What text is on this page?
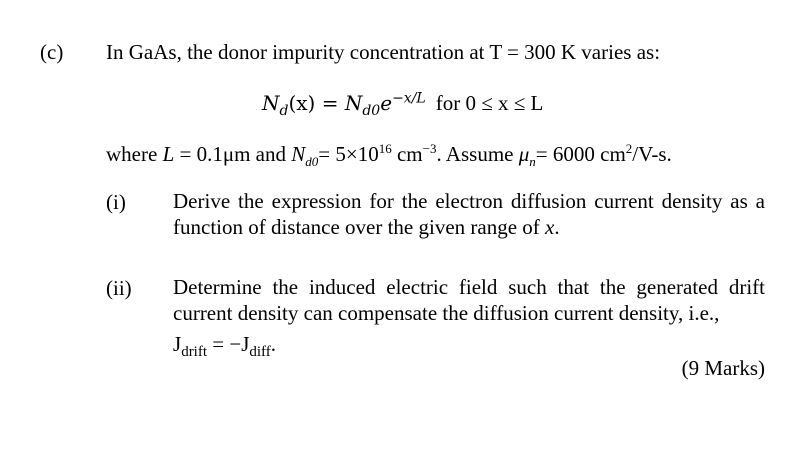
(c) In GaAs, the donor impurity concentration at T = 300 K varies as:
$N_d(x) = N_{d0}e^{-x/L}$ for 0 ≤ x ≤ L
where L = 0.1μm and $N_{d0}= 5\times 10^{16}$ $cm^{-3}$. Assume $\mu_n= 6000$ $cm^2/V-s$.
(i) Derive the expression for the electron diffusion current density as a function of distance over the given range of x.
(ii) Determine the induced electric field such that the generated drift current density can compensate the diffusion current density, i.e.,
$J_{drift} = -J_{diff}$.
(9 Marks)
